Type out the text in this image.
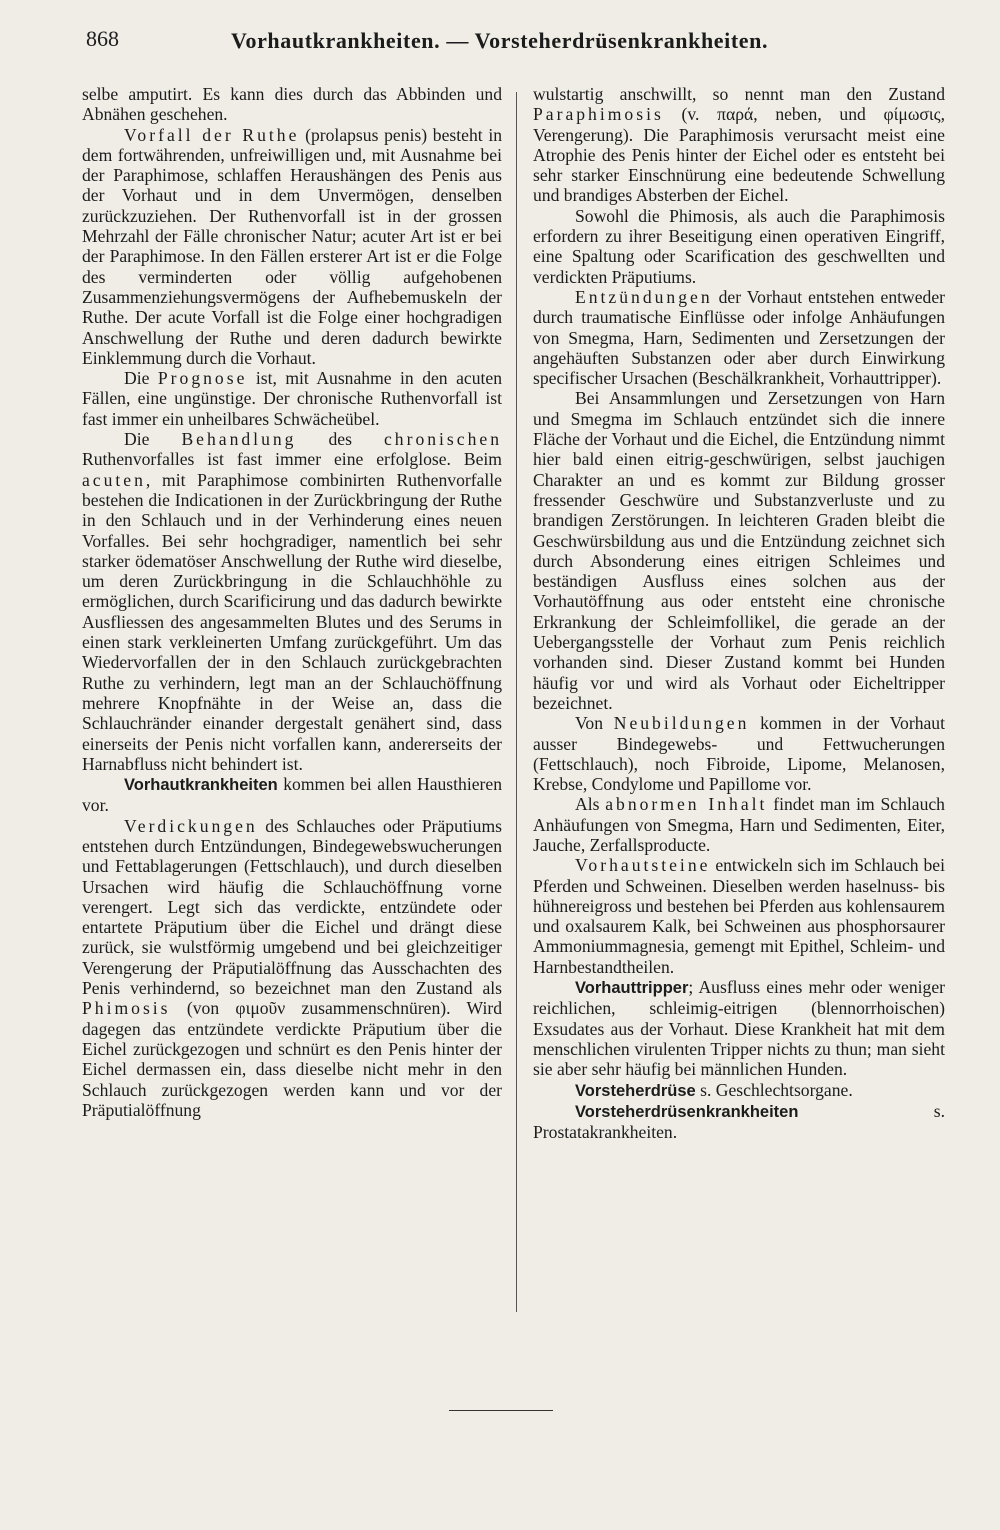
868	Vorhautkrankheiten. — Vorsteherdrüsenkrankheiten.

selbe amputirt. Es kann dies durch das Abbinden und Abnähen geschehen.

Vorfall der Ruthe (prolapsus penis) besteht in dem fortwährenden, unfreiwilligen und, mit Ausnahme bei der Paraphimose, schlaffen Heraushängen des Penis aus der Vorhaut und in dem Unvermögen, denselben zurückzuziehen. Der Ruthenvorfall ist in der grossen Mehrzahl der Fälle chronischer Natur; acuter Art ist er bei der Paraphimose. In den Fällen ersterer Art ist er die Folge des verminderten oder völlig aufgehobenen Zusammenziehungsvermögens der Aufhebemuskeln der Ruthe. Der acute Vorfall ist die Folge einer hochgradigen Anschwellung der Ruthe und deren dadurch bewirkte Einklemmung durch die Vorhaut.

Die Prognose ist, mit Ausnahme in den acuten Fällen, eine ungünstige. Der chronische Ruthenvorfall ist fast immer ein unheilbares Schwächeübel.

Die Behandlung des chronischen Ruthenvorfalles ist fast immer eine erfolglose. Beim acuten, mit Paraphimose combinirten Ruthenvorfalle bestehen die Indicationen in der Zurückbringung der Ruthe in den Schlauch und in der Verhinderung eines neuen Vorfalles. Bei sehr hochgradiger, namentlich bei sehr starker ödematöser Anschwellung der Ruthe wird dieselbe, um deren Zurückbringung in die Schlauchhöhle zu ermöglichen, durch Scarificirung und das dadurch bewirkte Ausfliessen des angesammelten Blutes und des Serums in einen stark verkleinerten Umfang zurückgeführt. Um das Wiedervorfallen der in den Schlauch zurückgebrachten Ruthe zu verhindern, legt man an der Schlauchöffnung mehrere Knopfnähte in der Weise an, dass die Schlauchränder einander dergestalt genähert sind, dass einerseits der Penis nicht vorfallen kann, andererseits der Harnabfluss nicht behindert ist.

Vorhautkrankheiten kommen bei allen Hausthieren vor.

Verdickungen des Schlauches oder Präputiums entstehen durch Entzündungen, Bindegewebswucherungen und Fettablagerungen (Fettschlauch), und durch dieselben Ursachen wird häufig die Schlauchöffnung vorne verengert. Legt sich das verdickte, entzündete oder entartete Präputium über die Eichel und drängt diese zurück, sie wulstförmig umgebend und bei gleichzeitiger Verengerung der Präputialöffnung das Ausschachten des Penis verhindernd, so bezeichnet man den Zustand als Phimosis (von φιμοῦν zusammenschnüren). Wird dagegen das entzündete verdickte Präputium über die Eichel zurückgezogen und schnürt es den Penis hinter der Eichel dermassen ein, dass dieselbe nicht mehr in den Schlauch zurückgezogen werden kann und vor der Präputialöffnung

wulstartig anschwillt, so nennt man den Zustand Paraphimosis (v. παρά, neben, und φίμωσις, Verengerung). Die Paraphimosis verursacht meist eine Atrophie des Penis hinter der Eichel oder es entsteht bei sehr starker Einschnürung eine bedeutende Schwellung und brandiges Absterben der Eichel.

Sowohl die Phimosis, als auch die Paraphimosis erfordern zu ihrer Beseitigung einen operativen Eingriff, eine Spaltung oder Scarification des geschwellten und verdickten Präputiums.

Entzündungen der Vorhaut entstehen entweder durch traumatische Einflüsse oder infolge Anhäufungen von Smegma, Harn, Sedimenten und Zersetzungen der angehäuften Substanzen oder aber durch Einwirkung specifischer Ursachen (Beschälkrankheit, Vorhauttripper).

Bei Ansammlungen und Zersetzungen von Harn und Smegma im Schlauch entzündet sich die innere Fläche der Vorhaut und die Eichel, die Entzündung nimmt hier bald einen eitrig-geschwürigen, selbst jauchigen Charakter an und es kommt zur Bildung grosser fressender Geschwüre und Substanzverluste und zu brandigen Zerstörungen. In leichteren Graden bleibt die Geschwürsbildung aus und die Entzündung zeichnet sich durch Absonderung eines eitrigen Schleimes und beständigen Ausfluss eines solchen aus der Vorhautöffnung aus oder entsteht eine chronische Erkrankung der Schleimfollikel, die gerade an der Uebergangsstelle der Vorhaut zum Penis reichlich vorhanden sind. Dieser Zustand kommt bei Hunden häufig vor und wird als Vorhaut oder Eicheltripper bezeichnet.

Von Neubildungen kommen in der Vorhaut ausser Bindegewebs- und Fettwucherungen (Fettschlauch), noch Fibroide, Lipome, Melanosen, Krebse, Condylome und Papillome vor.

Als abnormen Inhalt findet man im Schlauch Anhäufungen von Smegma, Harn und Sedimenten, Eiter, Jauche, Zerfallsproducte.

Vorhautsteine entwickeln sich im Schlauch bei Pferden und Schweinen. Dieselben werden haselnuss- bis hühnereigross und bestehen bei Pferden aus kohlensaurem und oxalsaurem Kalk, bei Schweinen aus phosphorsaurer Ammoniummagnesia, gemengt mit Epithel, Schleim- und Harnbestandtheilen.

Vorhauttripper; Ausfluss eines mehr oder weniger reichlichen, schleimig-eitrigen (blennorrhoischen) Exsudates aus der Vorhaut. Diese Krankheit hat mit dem menschlichen virulenten Tripper nichts zu thun; man sieht sie aber sehr häufig bei männlichen Hunden.

Vorsteherdrüse s. Geschlechtsorgane.

Vorsteherdrüsenkrankheiten s. Prostatakrankheiten.
